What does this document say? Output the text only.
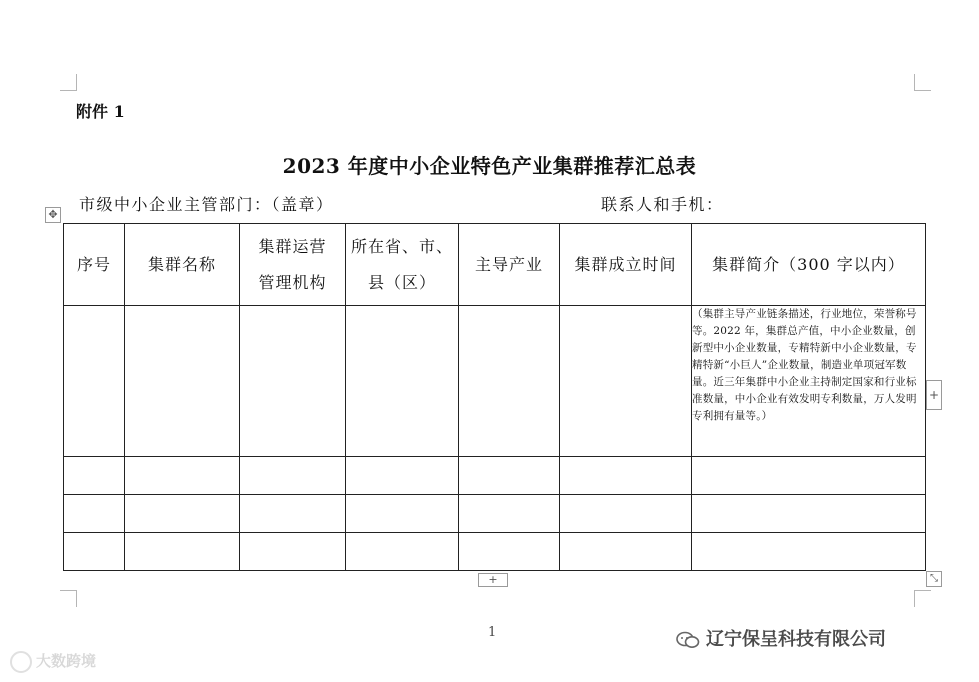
附件 1
2023 年度中小企业特色产业集群推荐汇总表
市级中小企业主管部门：（盖章）	联系人和手机：
✥
序号	集群名称	集群运营管理机构	所在省、市、县（区）	主导产业	集群成立时间	集群简介（300 字以内）
						（集群主导产业链条描述，行业地位，荣誉称号等。2022 年，集群总产值，中小企业数量，创新型中小企业数量，专精特新中小企业数量，专精特新“小巨人”企业数量，制造业单项冠军数量。近三年集群中小企业主持制定国家和行业标准数量，中小企业有效发明专利数量，万人发明专利拥有量等。）

+
+	⤡
1
大数跨境
辽宁保呈科技有限公司
